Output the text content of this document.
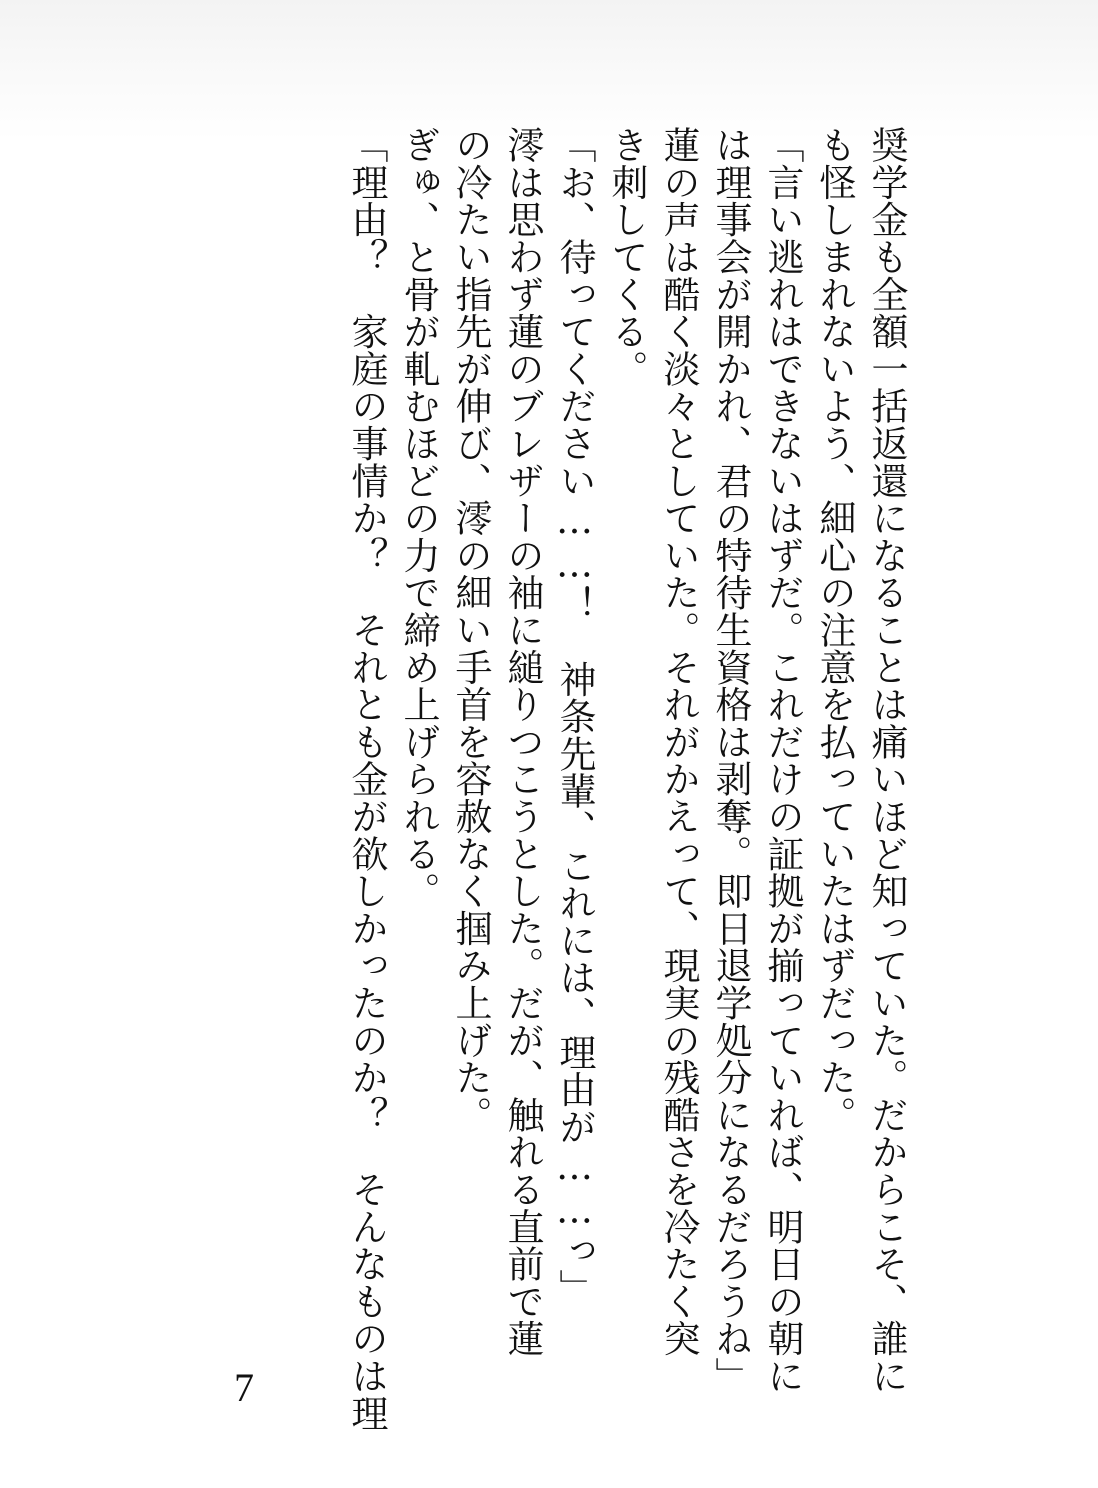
奨学金も全額一括返還になることは痛いほど知っていた。だからこそ、誰に
も怪しまれないよう、細心の注意を払っていたはずだった。
「言い逃れはできないはずだ。これだけの証拠が揃っていれば、明日の朝に
は理事会が開かれ、君の特待生資格は剥奪。即日退学処分になるだろうね」
蓮の声は酷く淡々としていた。それがかえって、現実の残酷さを冷たく突
き刺してくる。
「お、待ってください……！　神条先輩、これには、理由が……っ」
澪は思わず蓮のブレザーの袖に縋りつこうとした。だが、触れる直前で蓮
の冷たい指先が伸び、澪の細い手首を容赦なく掴み上げた。
ぎゅ、と骨が軋むほどの力で締め上げられる。
「理由？　家庭の事情か？　それとも金が欲しかったのか？　そんなものは理
7
